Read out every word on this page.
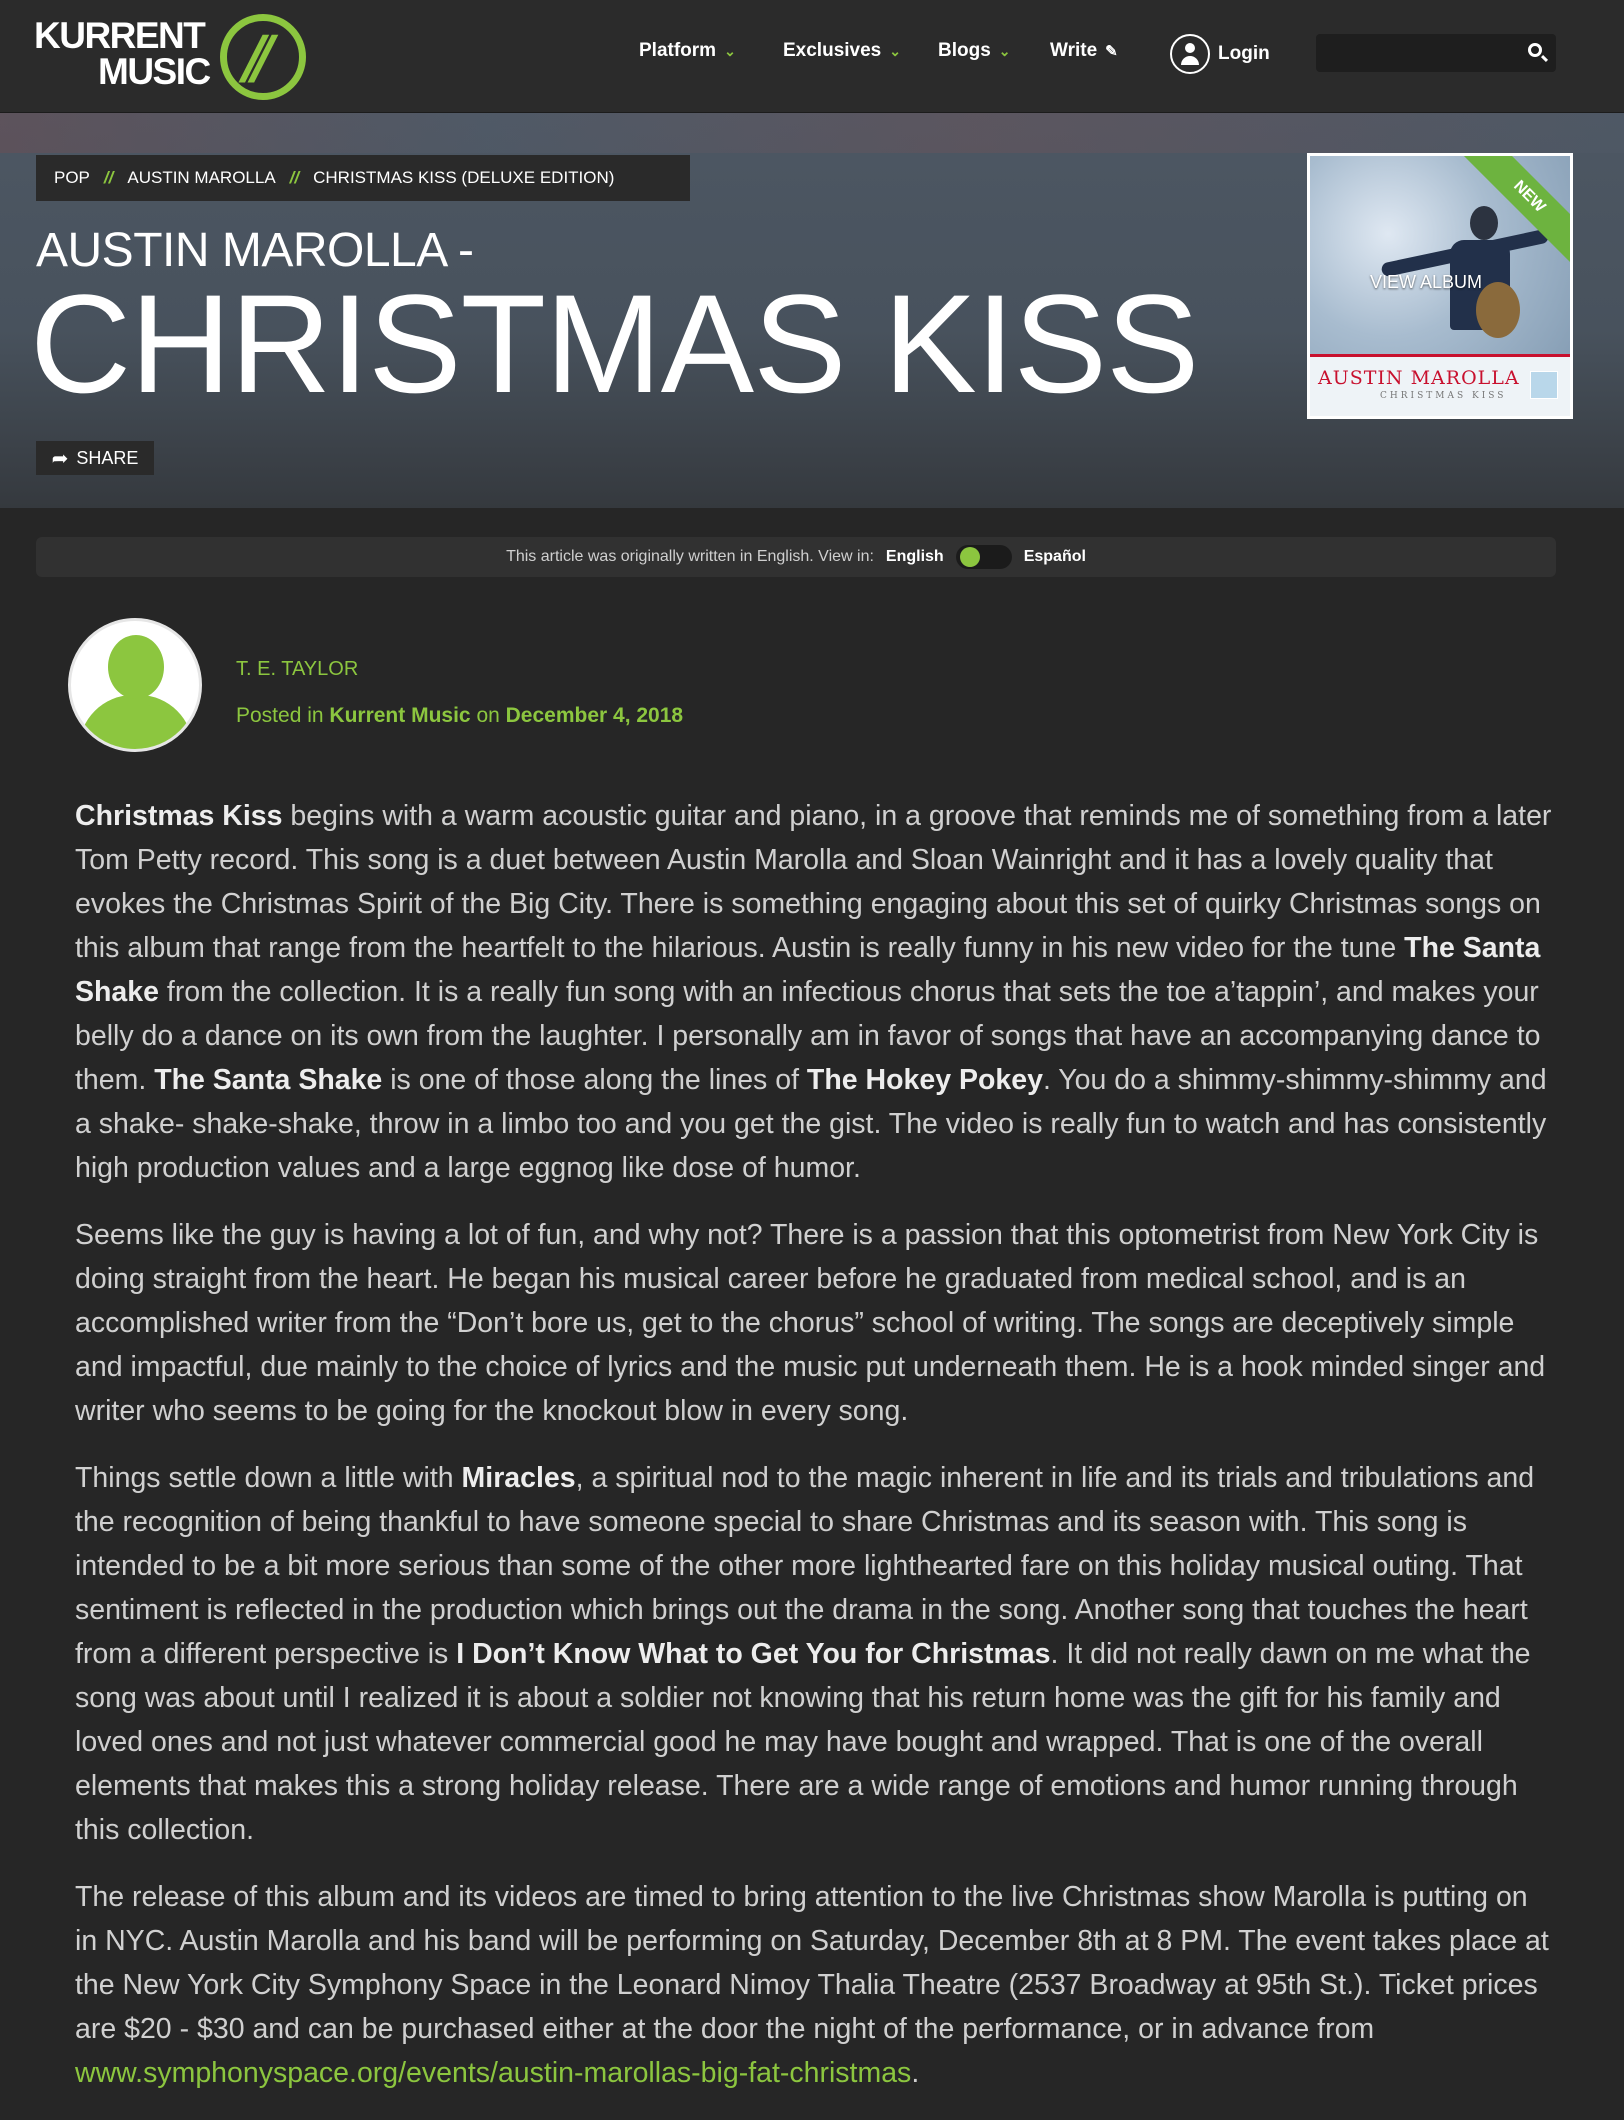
KURRENT
MUSIC //	Platform ⌄ Exclusives ⌄ Blogs ⌄ Write ✎	Login
POP // AUSTIN MAROLLA // CHRISTMAS KISS (DELUXE EDITION)
AUSTIN MAROLLA -
CHRISTMAS KISS
➦ SHARE
VIEW ALBUM
AUSTIN MAROLLA
CHRISTMAS KISS
NEW
This article was originally written in English. View in: English	Español
T. E. TAYLOR
Posted in Kurrent Music on December 4, 2018

Christmas Kiss begins with a warm acoustic guitar and piano, in a groove that reminds me of something from a later Tom Petty record. This song is a duet between Austin Marolla and Sloan Wainright and it has a lovely quality that evokes the Christmas Spirit of the Big City. There is something engaging about this set of quirky Christmas songs on this album that range from the heartfelt to the hilarious. Austin is really funny in his new video for the tune The Santa Shake from the collection. It is a really fun song with an infectious chorus that sets the toe a’tappin’, and makes your belly do a dance on its own from the laughter. I personally am in favor of songs that have an accompanying dance to them. The Santa Shake is one of those along the lines of The Hokey Pokey. You do a shimmy-shimmy-shimmy and a shake- shake-shake, throw in a limbo too and you get the gist. The video is really fun to watch and has consistently high production values and a large eggnog like dose of humor.

Seems like the guy is having a lot of fun, and why not? There is a passion that this optometrist from New York City is doing straight from the heart. He began his musical career before he graduated from medical school, and is an accomplished writer from the “Don’t bore us, get to the chorus” school of writing. The songs are deceptively simple and impactful, due mainly to the choice of lyrics and the music put underneath them. He is a hook minded singer and writer who seems to be going for the knockout blow in every song.

Things settle down a little with Miracles, a spiritual nod to the magic inherent in life and its trials and tribulations and the recognition of being thankful to have someone special to share Christmas and its season with. This song is intended to be a bit more serious than some of the other more lighthearted fare on this holiday musical outing. That sentiment is reflected in the production which brings out the drama in the song. Another song that touches the heart from a different perspective is I Don’t Know What to Get You for Christmas. It did not really dawn on me what the song was about until I realized it is about a soldier not knowing that his return home was the gift for his family and loved ones and not just whatever commercial good he may have bought and wrapped. That is one of the overall elements that makes this a strong holiday release. There are a wide range of emotions and humor running through this collection.

The release of this album and its videos are timed to bring attention to the live Christmas show Marolla is putting on in NYC. Austin Marolla and his band will be performing on Saturday, December 8th at 8 PM. The event takes place at the New York City Symphony Space in the Leonard Nimoy Thalia Theatre (2537 Broadway at 95th St.). Ticket prices are $20 - $30 and can be purchased either at the door the night of the performance, or in advance from www.symphonyspace.org/events/austin-marollas-big-fat-christmas.
